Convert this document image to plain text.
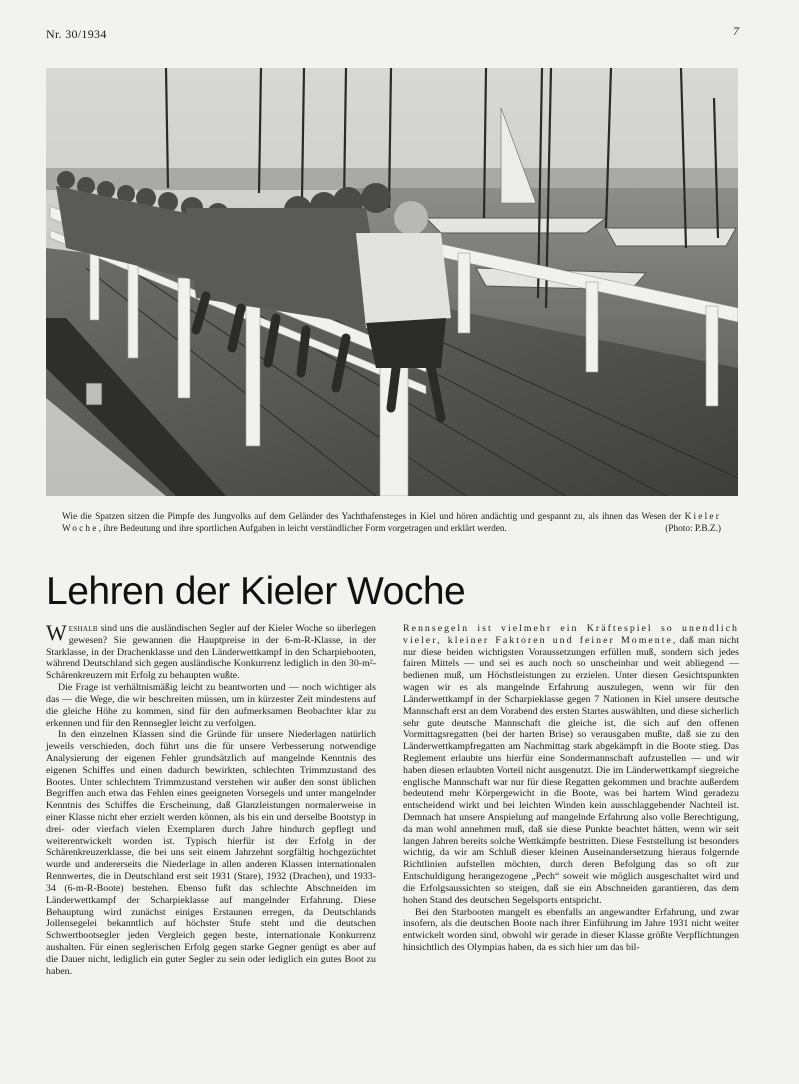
Nr. 30/1934	7
Wie die Spatzen sitzen die Pimpfe des Jungvolks auf dem Geländer des Yachthafensteges in Kiel und hören andächtig und gespannt zu, als ihnen das Wesen der Kieler Woche, ihre Bedeutung und ihre sportlichen Aufgaben in leicht verständlicher Form vorgetragen und erklärt werden.	(Photo: P.B.Z.)
Lehren der Kieler Woche

Weshalb sind uns die ausländischen Segler auf der Kieler Woche so überlegen gewesen? Sie gewannen die Hauptpreise in der 6-m-R-Klasse, in der Starklasse, in der Drachenklasse und den Länderwettkampf in den Scharpiebooten, während Deutschland sich gegen ausländische Konkurrenz lediglich in den 30-m²-Schärenkreuzern mit Erfolg zu behaupten wußte.

Die Frage ist verhältnismäßig leicht zu beantworten und — noch wichtiger als das — die Wege, die wir beschreiten müssen, um in kürzester Zeit mindestens auf die gleiche Höhe zu kommen, sind für den aufmerksamen Beobachter klar zu erkennen und für den Rennsegler leicht zu verfolgen.

In den einzelnen Klassen sind die Gründe für unsere Niederlagen natürlich jeweils verschieden, doch führt uns die für unsere Verbesserung notwendige Analysierung der eigenen Fehler grundsätzlich auf mangelnde Kenntnis des eigenen Schiffes und einen dadurch bewirkten, schlechten Trimmzustand des Bootes. Unter schlechtem Trimmzustand verstehen wir außer den sonst üblichen Begriffen auch etwa das Fehlen eines geeigneten Vorsegels und unter mangelnder Kenntnis des Schiffes die Erscheinung, daß Glanzleistungen normalerweise in einer Klasse nicht eher erzielt werden können, als bis ein und derselbe Bootstyp in drei- oder vierfach vielen Exemplaren durch Jahre hindurch gepflegt und weiterentwickelt worden ist. Typisch hierfür ist der Erfolg in der Schärenkreuzerklasse, die bei uns seit einem Jahrzehnt sorgfältig hochgezüchtet wurde und andererseits die Niederlage in allen anderen Klassen internationalen Rennwertes, die in Deutschland erst seit 1931 (Stare), 1932 (Drachen), und 1933-34 (6-m-R-Boote) bestehen. Ebenso fußt das schlechte Abschneiden im Länderwettkampf der Scharpieklasse auf mangelnder Erfahrung. Diese Behauptung wird zunächst einiges Erstaunen erregen, da Deutschlands Jollensegelei bekanntlich auf höchster Stufe steht und die deutschen Schwertbootsegler jeden Vergleich gegen beste, internationale Konkurrenz aushalten. Für einen seglerischen Erfolg gegen starke Gegner genügt es aber auf die Dauer nicht, lediglich ein guter Segler zu sein oder lediglich ein gutes Boot zu haben.

Rennsegeln ist vielmehr ein Kräftespiel so unendlich vieler, kleiner Faktoren und feiner Momente, daß man nicht nur diese beiden wichtigsten Voraussetzungen erfüllen muß, sondern sich jedes fairen Mittels — und sei es auch noch so unscheinbar und weit abliegend — bedienen muß, um Höchstleistungen zu erzielen. Unter diesen Gesichtspunkten wagen wir es als mangelnde Erfahrung auszulegen, wenn wir für den Länderwettkampf in der Scharpieklasse gegen 7 Nationen in Kiel unsere deutsche Mannschaft erst an dem Vorabend des ersten Startes auswählten, und diese sicherlich sehr gute deutsche Mannschaft die gleiche ist, die sich auf den offenen Vormittagsregatten (bei der harten Brise) so verausgaben mußte, daß sie zu den Länderwettkampfregatten am Nachmittag stark abgekämpft in die Boote stieg. Das Reglement erlaubte uns hierfür eine Sondermannschaft aufzustellen — und wir haben diesen erlaubten Vorteil nicht ausgenutzt. Die im Länderwettkampf siegreiche englische Mannschaft war nur für diese Regatten gekommen und brachte außerdem bedeutend mehr Körpergewicht in die Boote, was bei hartem Wind geradezu entscheidend wirkt und bei leichten Winden kein ausschlaggebender Nachteil ist. Demnach hat unsere Anspielung auf mangelnde Erfahrung also volle Berechtigung, da man wohl annehmen muß, daß sie diese Punkte beachtet hätten, wenn wir seit langen Jahren bereits solche Wettkämpfe bestritten. Diese Feststellung ist besonders wichtig, da wir am Schluß dieser kleinen Auseinandersetzung hieraus folgernde Richtlinien aufstellen möchten, durch deren Befolgung das so oft zur Entschuldigung herangezogene „Pech“ soweit wie möglich ausgeschaltet wird und die Erfolgsaussichten so steigen, daß sie ein Abschneiden garantieren, das dem hohen Stand des deutschen Segelsports entspricht.

Bei den Starbooten mangelt es ebenfalls an angewandter Erfahrung, und zwar insofern, als die deutschen Boote nach ihrer Einführung im Jahre 1931 nicht weiter entwickelt worden sind, obwohl wir gerade in dieser Klasse größte Verpflichtungen hinsichtlich des Olympias haben, da es sich hier um das bil-
